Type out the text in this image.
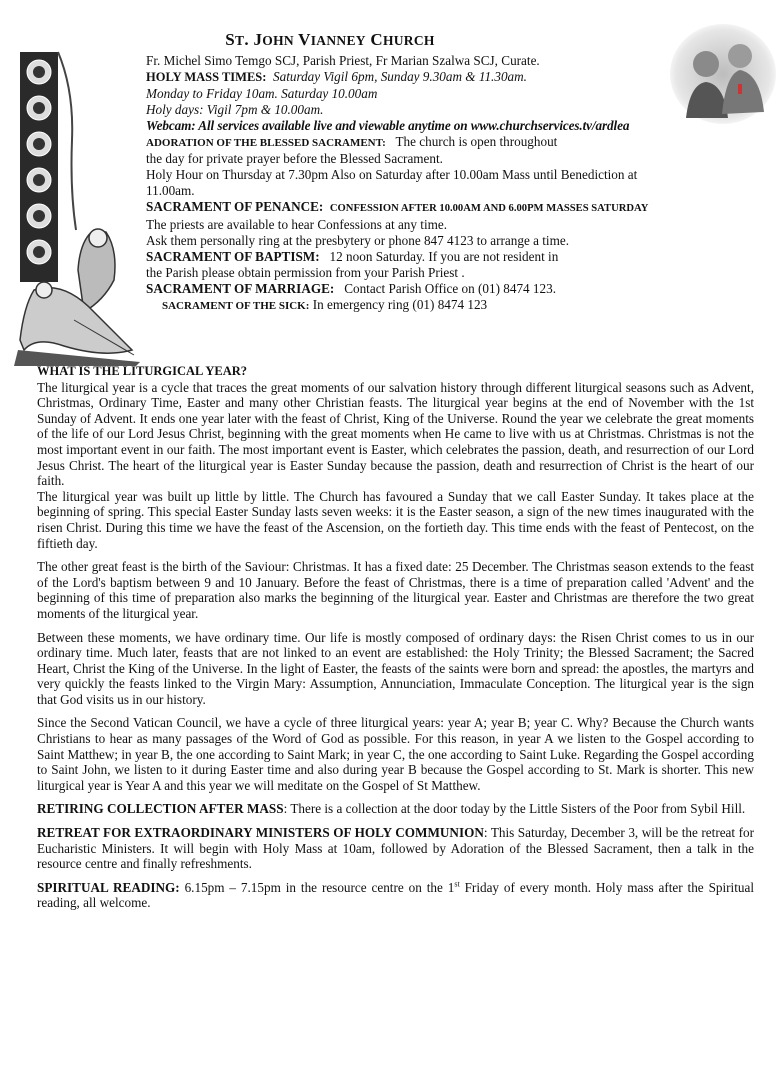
ST. JOHN VIANNEY CHURCH

Fr. Michel Simo Temgo SCJ, Parish Priest, Fr Marian Szalwa SCJ, Curate.

HOLY MASS TIMES: Saturday Vigil 6pm, Sunday 9.30am & 11.30am.

Monday to Friday 10am. Saturday 10.00am

Holy days: Vigil 7pm & 10.00am.

Webcam: All services available live and viewable anytime on www.churchservices.tv/ardlea

ADORATION OF THE BLESSED SACRAMENT: The church is open throughout

the day for private prayer before the Blessed Sacrament.

Holy Hour on Thursday at 7.30pm Also on Saturday after 10.00am Mass until Benediction at

11.00am.

SACRAMENT OF PENANCE: CONFESSION AFTER 10.00AM AND 6.00PM MASSES SATURDAY

The priests are available to hear Confessions at any time.

Ask them personally ring at the presbytery or phone 847 4123 to arrange a time.

SACRAMENT OF BAPTISM: 12 noon Saturday. If you are not resident in

the Parish please obtain permission from your Parish Priest .

SACRAMENT OF MARRIAGE: Contact Parish Office on (01) 8474 123.

SACRAMENT OF THE SICK: In emergency ring (01) 8474 123

WHAT IS THE LITURGICAL YEAR?

The liturgical year is a cycle that traces the great moments of our salvation history through different liturgical seasons such as Advent, Christmas, Ordinary Time, Easter and many other Christian feasts. The liturgical year begins at the end of November with the 1st Sunday of Advent. It ends one year later with the feast of Christ, King of the Universe. Round the year we celebrate the great moments of the life of our Lord Jesus Christ, beginning with the great moments when He came to live with us at Christmas. Christmas is not the most important event in our faith. The most important event is Easter, which celebrates the passion, death, and resurrection of our Lord Jesus Christ. The heart of the liturgical year is Easter Sunday because the passion, death and resurrection of Christ is the heart of our faith.

The liturgical year was built up little by little. The Church has favoured a Sunday that we call Easter Sunday. It takes place at the beginning of spring. This special Easter Sunday lasts seven weeks: it is the Easter season, a sign of the new times inaugurated with the risen Christ. During this time we have the feast of the Ascension, on the fortieth day. This time ends with the feast of Pentecost, on the fiftieth day.

The other great feast is the birth of the Saviour: Christmas. It has a fixed date: 25 December. The Christmas season extends to the feast of the Lord's baptism between 9 and 10 January. Before the feast of Christmas, there is a time of preparation called 'Advent' and the beginning of this time of preparation also marks the beginning of the liturgical year. Easter and Christmas are therefore the two great moments of the liturgical year.

Between these moments, we have ordinary time. Our life is mostly composed of ordinary days: the Risen Christ comes to us in our ordinary time. Much later, feasts that are not linked to an event are established: the Holy Trinity; the Blessed Sacrament; the Sacred Heart, Christ the King of the Universe. In the light of Easter, the feasts of the saints were born and spread: the apostles, the martyrs and very quickly the feasts linked to the Virgin Mary: Assumption, Annunciation, Immaculate Conception. The liturgical year is the sign that God visits us in our history.

Since the Second Vatican Council, we have a cycle of three liturgical years: year A; year B; year C. Why? Because the Church wants Christians to hear as many passages of the Word of God as possible. For this reason, in year A we listen to the Gospel according to Saint Matthew; in year B, the one according to Saint Mark; in year C, the one according to Saint Luke. Regarding the Gospel according to Saint John, we listen to it during Easter time and also during year B because the Gospel according to St. Mark is shorter. This new liturgical year is Year A and this year we will meditate on the Gospel of St Matthew.

RETIRING COLLECTION AFTER MASS: There is a collection at the door today by the Little Sisters of the Poor from Sybil Hill.

RETREAT FOR EXTRAORDINARY MINISTERS OF HOLY COMMUNION: This Saturday, December 3, will be the retreat for Eucharistic Ministers. It will begin with Holy Mass at 10am, followed by Adoration of the Blessed Sacrament, then a talk in the resource centre and finally refreshments.

SPIRITUAL READING: 6.15pm – 7.15pm in the resource centre on the 1st Friday of every month. Holy mass after the Spiritual reading, all welcome.
